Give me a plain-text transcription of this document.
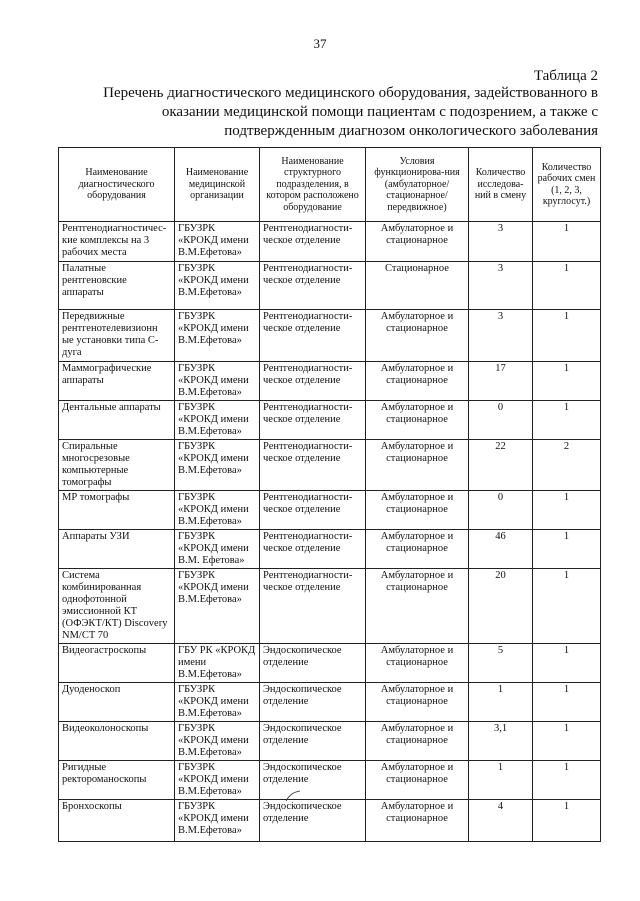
37
Таблица 2
Перечень диагностического медицинского оборудования, задействованного в оказании медицинской помощи пациентам с подозрением, а также с подтвержденным диагнозом онкологического заболевания
Наименование диагностического оборудования	Наименование медицинской организации	Наименование структурного подразделения, в котором расположено оборудование	Условия функционирова-ния (амбулаторное/ стационарное/ передвижное)	Количество исследова-ний в смену	Количество рабочих смен (1, 2, 3, круглосут.)
Рентгенодиагностичес-кие комплексы на 3 рабочих места	ГБУЗРК «КРОКД имени В.М.Ефетова»	Рентгенодиагности-ческое отделение	Амбулаторное и стационарное	3	1
Палатные рентгеновские аппараты	ГБУЗРК «КРОКД имени В.М.Ефетова»	Рентгенодиагности-ческое отделение	Стационарное	3	1
Передвижные рентгенотелевизионн ые установки типа С-дуга	ГБУЗРК «КРОКД имени В.М.Ефетова»	Рентгенодиагности-ческое отделение	Амбулаторное и стационарное	3	1
Маммографические аппараты	ГБУЗРК «КРОКД имени В.М.Ефетова»	Рентгенодиагности-ческое отделение	Амбулаторное и стационарное	17	1
Дентальные аппараты	ГБУЗРК «КРОКД имени В.М.Ефетова»	Рентгенодиагности-ческое отделение	Амбулаторное и стационарное	0	1
Спиральные многосрезовые компьютерные томографы	ГБУЗРК «КРОКД имени В.М.Ефетова»	Рентгенодиагности-ческое отделение	Амбулаторное и стационарное	22	2
МР томографы	ГБУЗРК «КРОКД имени В.М.Ефетова»	Рентгенодиагности-ческое отделение	Амбулаторное и стационарное	0	1
Аппараты УЗИ	ГБУЗРК «КРОКД имени В.М. Ефетова»	Рентгенодиагности-ческое отделение	Амбулаторное и стационарное	46	1
Система комбинированная однофотонной эмиссионной КТ (ОФЭКТ/КТ) Discovery NM/CT 70	ГБУЗРК «КРОКД имени В.М.Ефетова»	Рентгенодиагности-ческое отделение	Амбулаторное и стационарное	20	1
Видеогастроскопы	ГБУ РК «КРОКД имени В.М.Ефетова»	Эндоскопическое отделение	Амбулаторное и стационарное	5	1
Дуоденоскоп	ГБУЗРК «КРОКД имени В.М.Ефетова»	Эндоскопическое отделение	Амбулаторное и стационарное	1	1
Видеоколоноскопы	ГБУЗРК «КРОКД имени В.М.Ефетова»	Эндоскопическое отделение	Амбулаторное и стационарное	3,1	1
Ригидные ректороманоскопы	ГБУЗРК «КРОКД имени В.М.Ефетова»	Эндоскопическое отделение	Амбулаторное и стационарное	1	1
Бронхоскопы	ГБУЗРК «КРОКД имени В.М.Ефетова»	Эндоскопическое отделение	Амбулаторное и стационарное	4	1
